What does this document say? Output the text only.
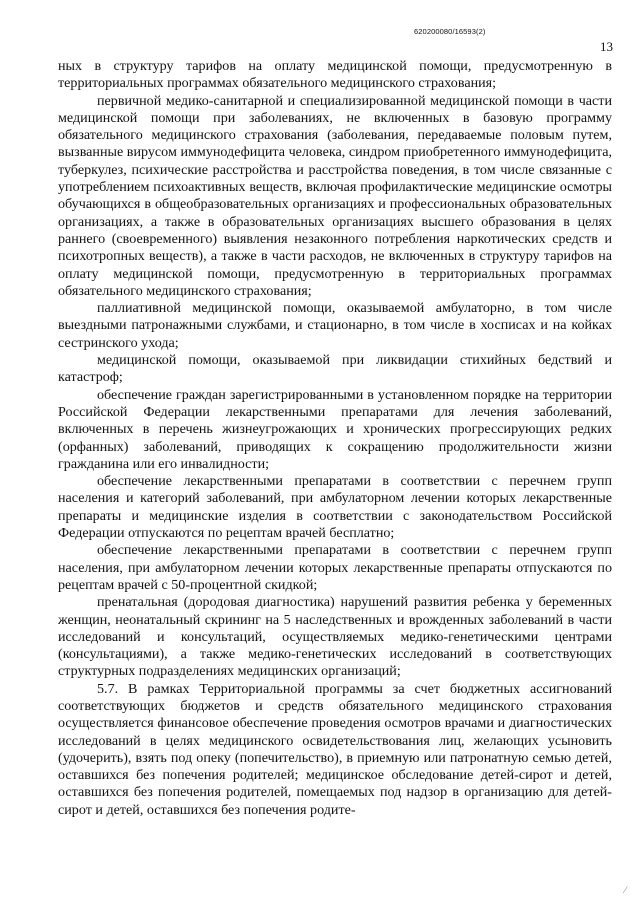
620200080/16593(2)
13

ных в структуру тарифов на оплату медицинской помощи, предусмотренную в территориальных программах обязательного медицинского страхования;

первичной медико-санитарной и специализированной медицинской помощи в части медицинской помощи при заболеваниях, не включенных в базовую программу обязательного медицинского страхования (заболевания, передаваемые половым путем, вызванные вирусом иммунодефицита человека, синдром приобретенного иммунодефицита, туберкулез, психические расстройства и расстройства поведения, в том числе связанные с употреблением психоактивных веществ, включая профилактические медицинские осмотры обучающихся в общеобразовательных организациях и профессиональных образовательных организациях, а также в образовательных организациях высшего образования в целях раннего (своевременного) выявления незаконного потребления наркотических средств и психотропных веществ), а также в части расходов, не включенных в структуру тарифов на оплату медицинской помощи, предусмотренную в территориальных программах обязательного медицинского страхования;

паллиативной медицинской помощи, оказываемой амбулаторно, в том числе выездными патронажными службами, и стационарно, в том числе в хосписах и на койках сестринского ухода;

медицинской помощи, оказываемой при ликвидации стихийных бедствий и катастроф;

обеспечение граждан зарегистрированными в установленном порядке на территории Российской Федерации лекарственными препаратами для лечения заболеваний, включенных в перечень жизнеугрожающих и хронических прогрессирующих редких (орфанных) заболеваний, приводящих к сокращению продолжительности жизни гражданина или его инвалидности;

обеспечение лекарственными препаратами в соответствии с перечнем групп населения и категорий заболеваний, при амбулаторном лечении которых лекарственные препараты и медицинские изделия в соответствии с законодательством Российской Федерации отпускаются по рецептам врачей бесплатно;

обеспечение лекарственными препаратами в соответствии с перечнем групп населения, при амбулаторном лечении которых лекарственные препараты отпускаются по рецептам врачей с 50-процентной скидкой;

пренатальная (дородовая диагностика) нарушений развития ребенка у беременных женщин, неонатальный скрининг на 5 наследственных и врожденных заболеваний в части исследований и консультаций, осуществляемых медико-генетическими центрами (консультациями), а также медико-генетических исследований в соответствующих структурных подразделениях медицинских организаций;

5.7. В рамках Территориальной программы за счет бюджетных ассигнований соответствующих бюджетов и средств обязательного медицинского страхования осуществляется финансовое обеспечение проведения осмотров врачами и диагностических исследований в целях медицинского освидетельствования лиц, желающих усыновить (удочерить), взять под опеку (попечительство), в приемную или патронатную семью детей, оставшихся без попечения родителей; медицинское обследование детей-сирот и детей, оставшихся без попечения родителей, помещаемых под надзор в организацию для детей-сирот и детей, оставшихся без попечения родите-

⁄
